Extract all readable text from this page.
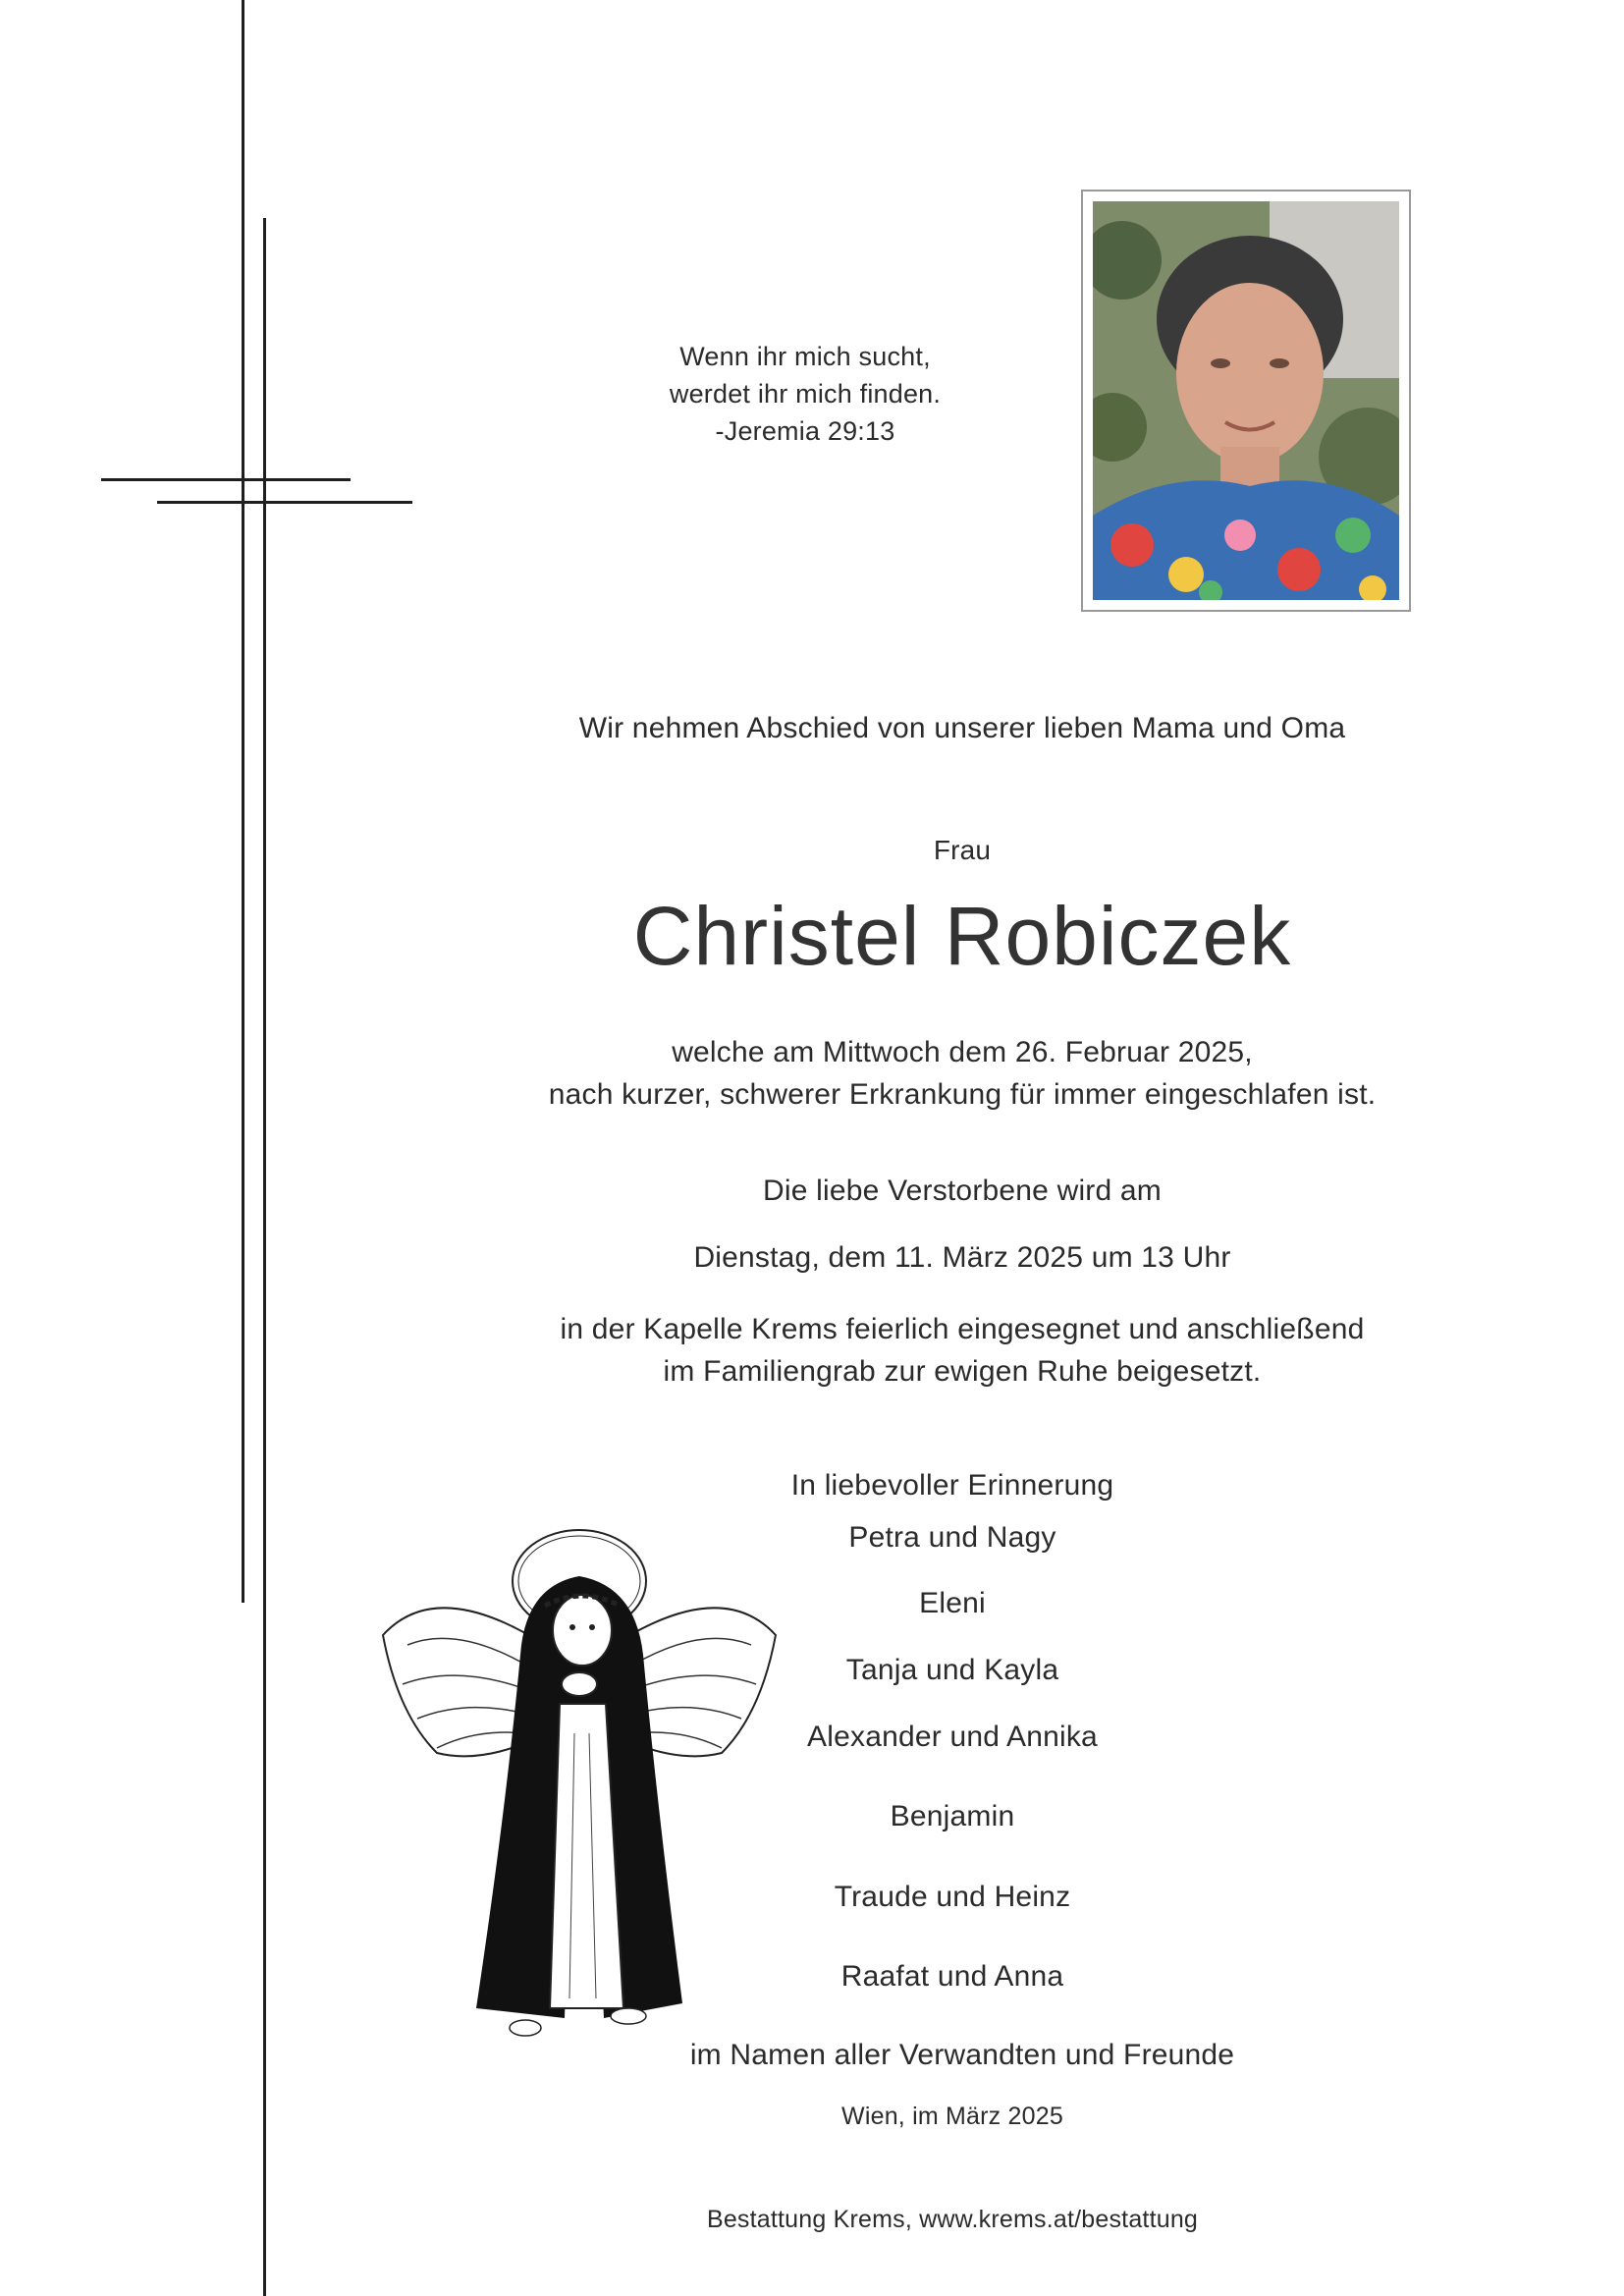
Wenn ihr mich sucht,
werdet ihr mich finden.
-Jeremia 29:13
Wir nehmen Abschied von unserer lieben Mama und Oma
Frau
Christel Robiczek
welche am Mittwoch dem 26. Februar 2025,
nach kurzer, schwerer Erkrankung für immer eingeschlafen ist.
Die liebe Verstorbene wird am
Dienstag, dem 11. März 2025 um 13 Uhr
in der Kapelle Krems feierlich eingesegnet und anschließend
im Familiengrab zur ewigen Ruhe beigesetzt.
In liebevoller Erinnerung
Petra und Nagy
Eleni
Tanja und Kayla
Alexander und Annika
Benjamin
Traude und Heinz
Raafat und Anna
im Namen aller Verwandten und Freunde
Wien, im März 2025
Bestattung Krems, www.krems.at/bestattung
